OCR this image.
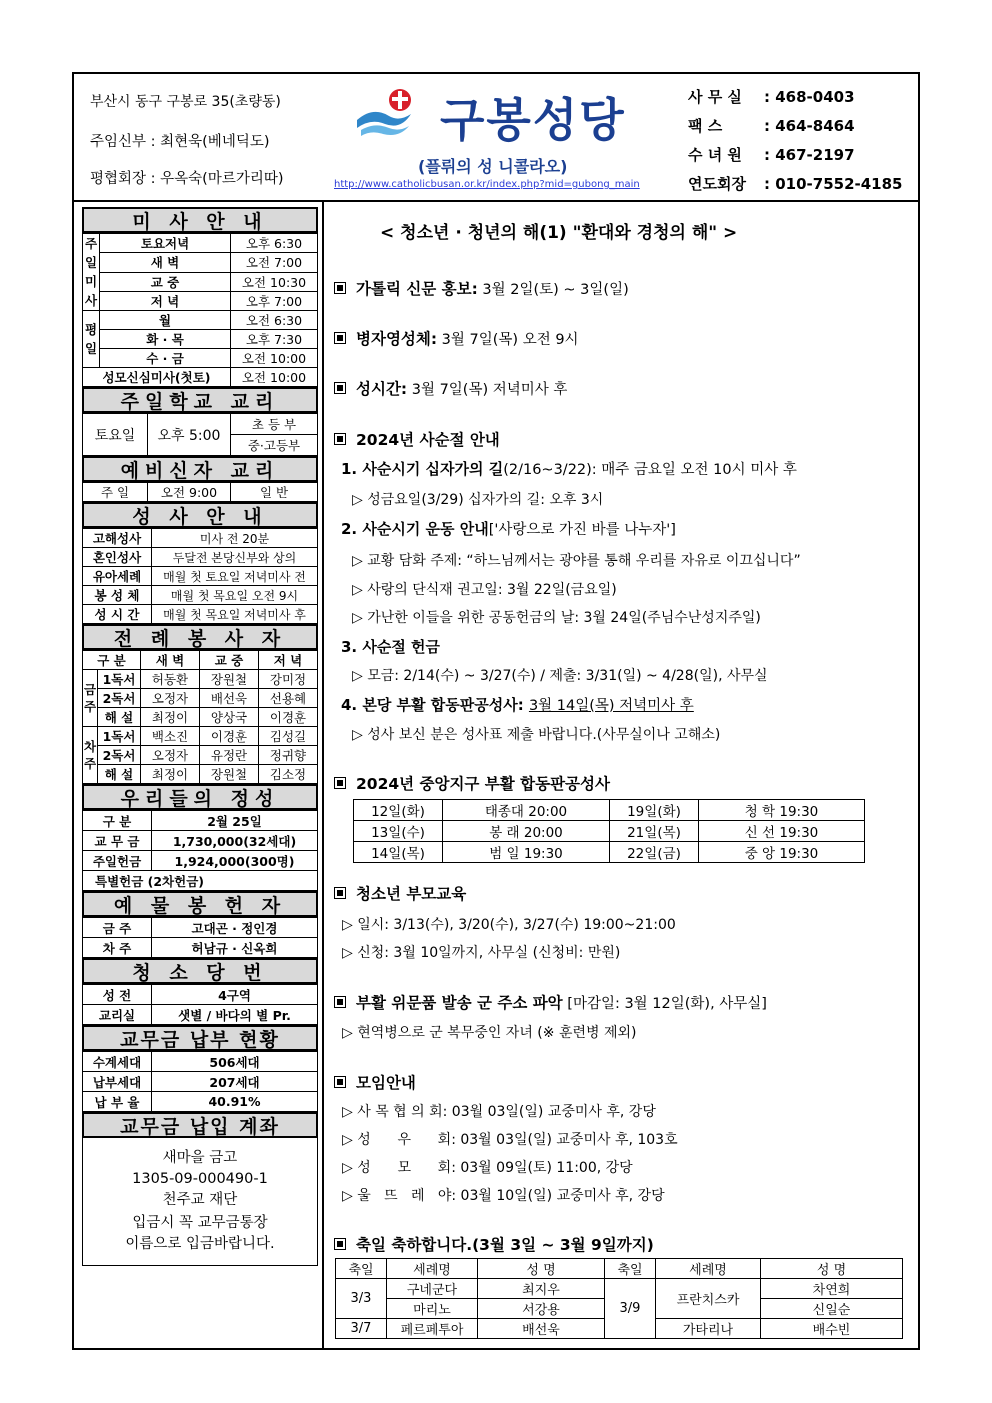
부산시 동구 구봉로 35(초량동)
주임신부 : 최현욱(베네딕도)
평협회장 : 우옥숙(마르가리따)
구봉성당
(플뤼의 성 니콜라오)
http://www.catholicbusan.or.kr/index.php?mid=gubong_main
사 무 실 : 468-0403
팩 스	: 464-8464
수 녀 원 : 467-2197
연도회장 : 010-7552-4185
미 사 안 내
주일미사	토요저녁	오후 6:30
	새 벽	오전 7:00
	교 중	오전 10:30
	저 녁	오후 7:00
평일	월	오전 6:30
	화 · 목	오후 7:30
	수 · 금	오전 10:00
성모신심미사(첫토)		오전 10:00
주일학교 교리
토요일	오후 5:00	초 등 부
중·고등부
예비신자 교리
주 일	오전 9:00	일 반
성 사 안 내
고해성사	미사 전 20분
혼인성사	두달전 본당신부와 상의
유아세례	매월 첫 토요일 저녁미사 전
봉 성 체	매월 첫 목요일 오전 9시
성 시 간	매월 첫 목요일 저녁미사 후
전 례 봉 사 자
구 분		새 벽	교 중	저 녁
금주	1독서	허동환	장원철	강미정
	2독서	오정자	배선욱	선용혜
	해 설	최정이	양상국	이경훈
차주	1독서	백소진	이경훈	김성길
	2독서	오정자	유정란	정귀향
	해 설	최정이	장원철	김소정
우리들의 정성
구 분	2월 25일
교 무 금	1,730,000(32세대)
주일헌금	1,924,000(300명)
특별헌금 (2차헌금)	
예 물 봉 헌 자
금 주	고대곤 · 정인경
차 주	허남규 · 신옥희
청 소 당 번
성 전	4구역
교리실	샛별 / 바다의 별 Pr.
교무금 납부 현황
수계세대	506세대
납부세대	207세대
납 부 율	40.91%
교무금 납입 계좌
새마을 금고
1305-09-000490-1
천주교 재단
입금시 꼭 교무금통장
이름으로 입금바랍니다.
< 청소년 · 청년의 해(1) "환대와 경청의 해" >
가톨릭 신문 홍보: 3월 2일(토) ~ 3일(일)
병자영성체: 3월 7일(목) 오전 9시
성시간: 3월 7일(목) 저녁미사 후
2024년 사순절 안내
1. 사순시기 십자가의 길(2/16~3/22): 매주 금요일 오전 10시 미사 후
▷ 성금요일(3/29) 십자가의 길: 오후 3시
2. 사순시기 운동 안내['사랑으로 가진 바를 나누자']
▷ 교황 담화 주제: “하느님께서는 광야를 통해 우리를 자유로 이끄십니다”
▷ 사랑의 단식재 권고일: 3월 22일(금요일)
▷ 가난한 이들을 위한 공동헌금의 날: 3월 24일(주님수난성지주일)
3. 사순절 헌금
▷ 모금: 2/14(수) ~ 3/27(수) / 제출: 3/31(일) ~ 4/28(일), 사무실
4. 본당 부활 합동판공성사: 3월 14일(목) 저녁미사 후
▷ 성사 보신 분은 성사표 제출 바랍니다.(사무실이나 고해소)
2024년 중앙지구 부활 합동판공성사
12일(화)	태종대 20:00	19일(화)	청 학 19:30
13일(수)	봉 래 20:00	21일(목)	신 선 19:30
14일(목)	범 일 19:30	22일(금)	중 앙 19:30
청소년 부모교육
▷ 일시: 3/13(수), 3/20(수), 3/27(수) 19:00~21:00
▷ 신청: 3월 10일까지, 사무실 (신청비: 만원)
부활 위문품 발송 군 주소 파악 [마감일: 3월 12일(화), 사무실]
▷ 현역병으로 군 복무중인 자녀 (※ 훈련병 제외)
모임안내
▷ 사 목 협 의 회: 03월 03일(일) 교중미사 후, 강당
▷ 성      우      회: 03월 03일(일) 교중미사 후, 103호
▷ 성      모      회: 03월 09일(토) 11:00, 강당
▷ 울   뜨   레   야: 03월 10일(일) 교중미사 후, 강당
축일 축하합니다.(3월 3일 ~ 3월 9일까지)
축일	세례명	성 명	축일	세례명	성 명
3/3	구네군다	최지우	3/9	프란치스카	차연희
	마리노	서강용			신일순
3/7	페르페투아	배선욱		가타리나	배수빈
